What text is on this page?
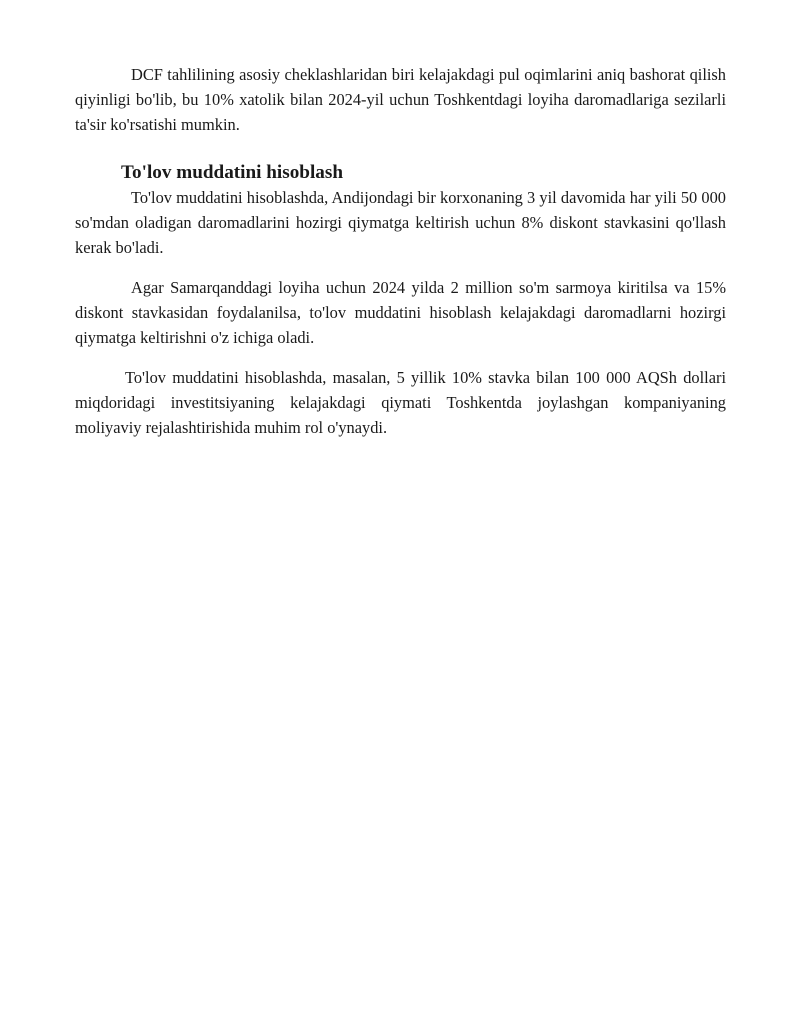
DCF tahlilining asosiy cheklashlaridan biri kelajakdagi pul oqimlarini aniq bashorat qilish qiyinligi bo'lib, bu 10% xatolik bilan 2024-yil uchun Toshkentdagi loyiha daromadlariga sezilarli ta'sir ko'rsatishi mumkin.

To'lov muddatini hisoblash

To'lov muddatini hisoblashda, Andijondagi bir korxonaning 3 yil davomida har yili 50 000 so'mdan oladigan daromadlarini hozirgi qiymatga keltirish uchun 8% diskont stavkasini qo'llash kerak bo'ladi.

Agar Samarqanddagi loyiha uchun 2024 yilda 2 million so'm sarmoya kiritilsa va 15% diskont stavkasidan foydalanilsa, to'lov muddatini hisoblash kelajakdagi daromadlarni hozirgi qiymatga keltirishni o'z ichiga oladi.

To'lov muddatini hisoblashda, masalan, 5 yillik 10% stavka bilan 100 000 AQSh dollari miqdoridagi investitsiyaning kelajakdagi qiymati Toshkentda joylashgan kompaniyaning moliyaviy rejalashtirishida muhim rol o'ynaydi.
